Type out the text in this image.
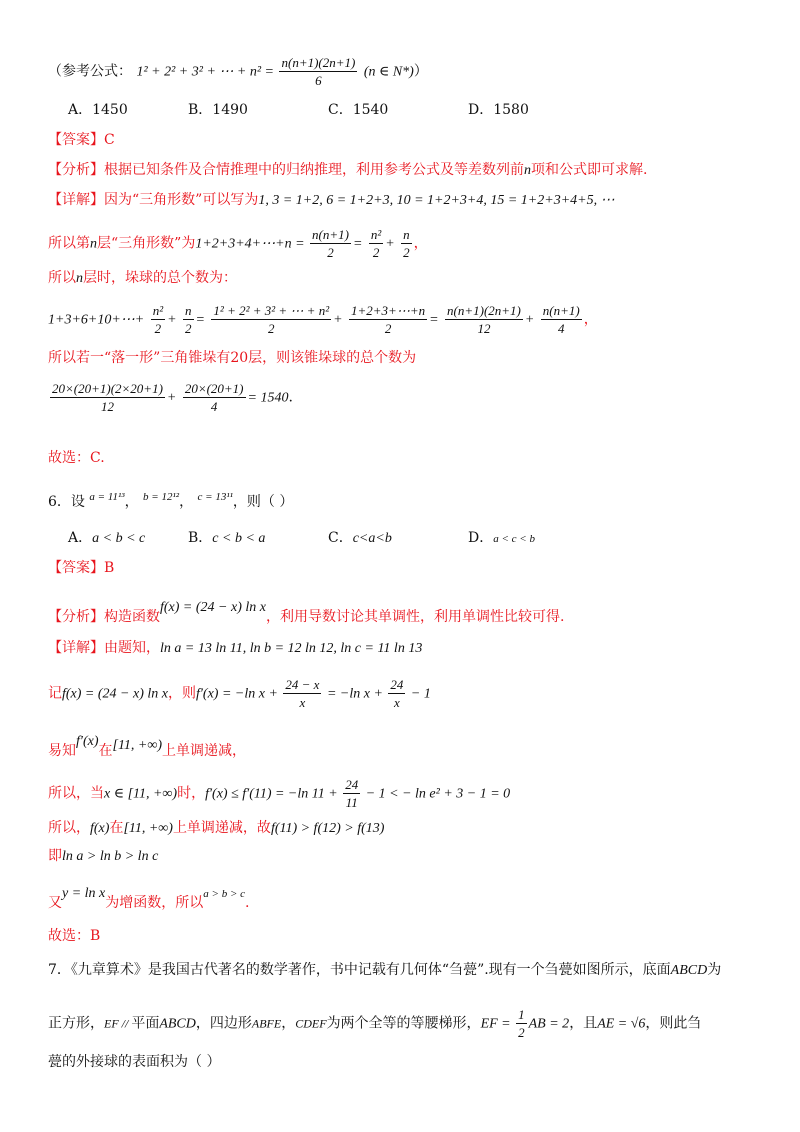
（参考公式： 1² + 2² + 3² + ⋯ + $n^2 = \frac{n(n+1)(2n+1)}{6} (n$ ∈ N*)）
A．1450	B．1490	C．1540	D．1580
【答案】C
【分析】根据已知条件及合情推理中的归纳推理，利用参考公式及等差数列前n项和公式即可求解.
【详解】因为“三角形数”可以写为1, 3 = 1+2, 6 = 1+2+3, 10 = 1+2+3+4, 15 = 1+2+3+4+5, ⋯
所以第n层“三角形数”为1+2+3+4+⋯+n = $\frac{n(n+1)}{2} = \frac{\text{n²}}{2} + \frac{n}{2}$ ，
所以n层时，垛球的总个数为：
1+3+6+10+⋯+ $\frac{\text{n²}}{2} + \frac{n}{2} = \frac{\text{1² + 2² + 3² + ⋯ + n²}}{2} + \frac{1+2+3+\cdots+n}{2} = \frac{n(n+1)(2n+1)}{12} + \frac{n(n+1)}{4}$ ，
所以若一“落一形”三角锥垛有20层，则该锥垛球的总个数为
$\frac{20\times(20+1)(2\times 20+1)}{12} + \frac{20\times(20+1)}{4} = 1540$.
故选：C.
6．设 $^{a = 11^{13}}$， $^{b = 12^{12}}$， $^{c = 13^{11}}$，则（ ）
A．a < b < c	B．c < b < a	C．c<a<b	D．a < c < b
【答案】B
【分析】构造函数f(x) = (24 − x) ln x，利用导数讨论其单调性，利用单调性比较可得.
【详解】由题知，ln a = 13 ln 11, ln b = 12 ln 12, ln c = 11 ln 13
记f(x) = (24 − x) ln x，则f′(x) = −ln $x + \frac{24 - x}{x} = -\ln$ $x + \frac{24}{x} - 1$
易知f′(x)在[11, +∞)上单调递减，
所以，当x ∈ [11, +∞)时，f′(x) ≤ f′(11) = −ln $11 + \frac{24}{11} - 1$ < − ln e² + 3 − 1 = 0
所以，f(x)在[11, +∞)上单调递减，故f(11) > f(12) > f(13)
即ln a > ln b > ln c
又y = ln x为增函数，所以$^{a > b > c}$.
故选：B
7．《九章算术》是我国古代著名的数学著作，书中记载有几何体“刍甍”.现有一个刍甍如图所示，底面ABCD为
正方形，EF // 平面ABCD，四边形ABFE，CDEF为两个全等的等腰梯形，EF = $\frac{1}{2}$ AB = 2，且AE = √6，则此刍
甍的外接球的表面积为（ ）
